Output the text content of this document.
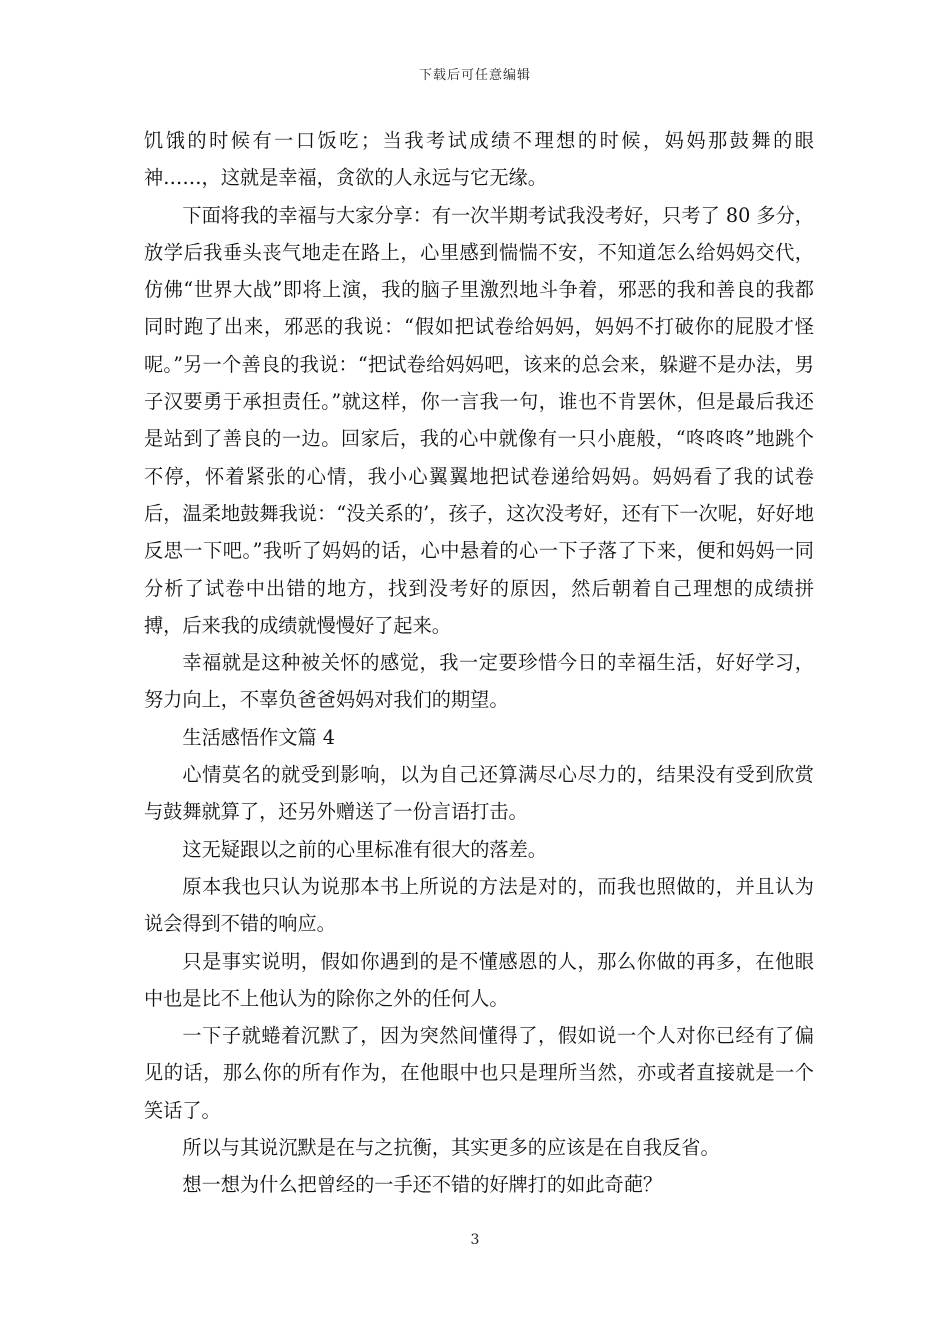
下载后可任意编辑

饥饿的时候有一口饭吃；当我考试成绩不理想的时候，妈妈那鼓舞的眼神……，这就是幸福，贪欲的人永远与它无缘。

下面将我的幸福与大家分享：有一次半期考试我没考好，只考了 80 多分，放学后我垂头丧气地走在路上，心里感到惴惴不安，不知道怎么给妈妈交代，仿佛“世界大战”即将上演，我的脑子里激烈地斗争着，邪恶的我和善良的我都同时跑了出来，邪恶的我说：“假如把试卷给妈妈，妈妈不打破你的屁股才怪呢。”另一个善良的我说：“把试卷给妈妈吧，该来的总会来，躲避不是办法，男子汉要勇于承担责任。”就这样，你一言我一句，谁也不肯罢休，但是最后我还是站到了善良的一边。回家后，我的心中就像有一只小鹿般，“咚咚咚”地跳个不停，怀着紧张的心情，我小心翼翼地把试卷递给妈妈。妈妈看了我的试卷后，温柔地鼓舞我说：“没关系的’，孩子，这次没考好，还有下一次呢，好好地反思一下吧。”我听了妈妈的话，心中悬着的心一下子落了下来，便和妈妈一同分析了试卷中出错的地方，找到没考好的原因，然后朝着自己理想的成绩拼搏，后来我的成绩就慢慢好了起来。

幸福就是这种被关怀的感觉，我一定要珍惜今日的幸福生活，好好学习，努力向上，不辜负爸爸妈妈对我们的期望。

生活感悟作文篇 4

心情莫名的就受到影响，以为自己还算满尽心尽力的，结果没有受到欣赏与鼓舞就算了，还另外赠送了一份言语打击。

这无疑跟以之前的心里标准有很大的落差。

原本我也只认为说那本书上所说的方法是对的，而我也照做的，并且认为说会得到不错的响应。

只是事实说明，假如你遇到的是不懂感恩的人，那么你做的再多，在他眼中也是比不上他认为的除你之外的任何人。

一下子就蜷着沉默了，因为突然间懂得了，假如说一个人对你已经有了偏见的话，那么你的所有作为，在他眼中也只是理所当然，亦或者直接就是一个笑话了。

所以与其说沉默是在与之抗衡，其实更多的应该是在自我反省。

想一想为什么把曾经的一手还不错的好牌打的如此奇葩？

3
